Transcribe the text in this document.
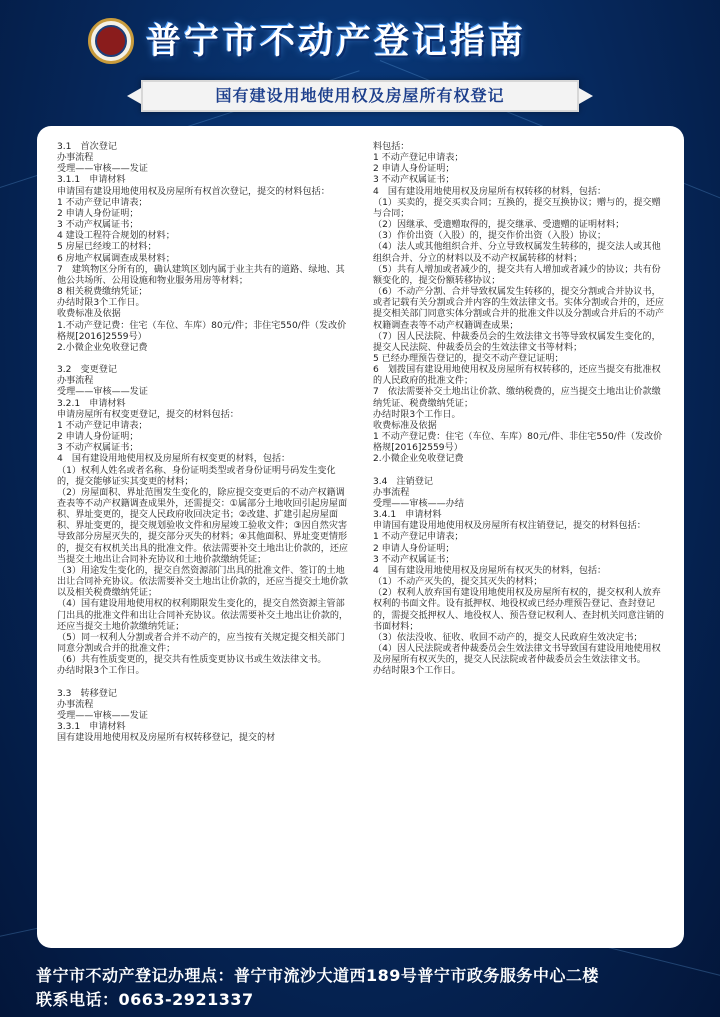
普宁市不动产登记指南
国有建设用地使用权及房屋所有权登记

3.1　首次登记

办事流程

受理——审核——发证

3.1.1　申请材料

申请国有建设用地使用权及房屋所有权首次登记，提交的材料包括：

1 不动产登记申请表；

2 申请人身份证明；

3 不动产权属证书；

4 建设工程符合规划的材料；

5 房屋已经竣工的材料；

6 房地产权属调查成果材料；

7　建筑物区分所有的，确认建筑区划内属于业主共有的道路、绿地、其他公共场所、公用设施和物业服务用房等材料；

8 相关税费缴纳凭证；

办结时限3个工作日。

收费标准及依据

1.不动产登记费：住宅（车位、车库）80元/件；非住宅550/件（发改价格规[2016]2559号）

2.小微企业免收登记费

3.2　变更登记

办事流程

受理——审核——发证

3.2.1　申请材料

申请房屋所有权变更登记，提交的材料包括：

1 不动产登记申请表；

2 申请人身份证明；

3 不动产权属证书；

4　国有建设用地使用权及房屋所有权变更的材料，包括：

（1）权利人姓名或者名称、身份证明类型或者身份证明号码发生变化的，提交能够证实其变更的材料；

（2）房屋面积、界址范围发生变化的，除应提交变更后的不动产权籍调查表等不动产权籍调查成果外，还需提交：①属部分土地收回引起房屋面积、界址变更的，提交人民政府收回决定书；②改建、扩建引起房屋面积、界址变更的，提交规划验收文件和房屋竣工验收文件；③因自然灾害导致部分房屋灭失的，提交部分灭失的材料；④其他面积、界址变更情形的，提交有权机关出具的批准文件。依法需要补交土地出让价款的，还应当提交土地出让合同补充协议和土地价款缴纳凭证；

（3）用途发生变化的，提交自然资源部门出具的批准文件、签订的土地出让合同补充协议。依法需要补交土地出让价款的，还应当提交土地价款以及相关税费缴纳凭证；

（4）国有建设用地使用权的权利期限发生变化的，提交自然资源主管部门出具的批准文件和出让合同补充协议。依法需要补交土地出让价款的，还应当提交土地价款缴纳凭证；

（5）同一权利人分割或者合并不动产的，应当按有关规定提交相关部门同意分割或合并的批准文件；

（6）共有性质变更的，提交共有性质变更协议书或生效法律文书。

办结时限3个工作日。

3.3　转移登记

办事流程

受理——审核——发证

3.3.1　申请材料

国有建设用地使用权及房屋所有权转移登记，提交的材

料包括：

1 不动产登记申请表；

2 申请人身份证明；

3 不动产权属证书；

4　国有建设用地使用权及房屋所有权转移的材料，包括：

（1）买卖的，提交买卖合同；互换的，提交互换协议；赠与的，提交赠与合同；

（2）因继承、受遗赠取得的，提交继承、受遗赠的证明材料；

（3）作价出资（入股）的，提交作价出资（入股）协议；

（4）法人或其他组织合并、分立导致权属发生转移的，提交法人或其他组织合并、分立的材料以及不动产权属转移的材料；

（5）共有人增加或者减少的，提交共有人增加或者减少的协议；共有份额变化的，提交份额转移协议；

（6）不动产分割、合并导致权属发生转移的，提交分割或合并协议书，或者记载有关分割或合并内容的生效法律文书。实体分割或合并的，还应提交相关部门同意实体分割或合并的批准文件以及分割或合并后的不动产权籍调查表等不动产权籍调查成果；

（7）因人民法院、仲裁委员会的生效法律文书等导致权属发生变化的，提交人民法院、仲裁委员会的生效法律文书等材料；

5 已经办理预告登记的，提交不动产登记证明；

6　划拨国有建设用地使用权及房屋所有权转移的，还应当提交有批准权的人民政府的批准文件；

7　依法需要补交土地出让价款、缴纳税费的，应当提交土地出让价款缴纳凭证、税费缴纳凭证；

办结时限3个工作日。

收费标准及依据

1 不动产登记费：住宅（车位、车库）80元/件、非住宅550/件（发改价格规[2016]2559号）

2.小微企业免收登记费

3.4　注销登记

办事流程

受理——审核——办结

3.4.1　申请材料

申请国有建设用地使用权及房屋所有权注销登记，提交的材料包括：

1 不动产登记申请表；

2 申请人身份证明；

3 不动产权属证书；

4　国有建设用地使用权及房屋所有权灭失的材料，包括：

（1）不动产灭失的，提交其灭失的材料；

（2）权利人放弃国有建设用地使用权及房屋所有权的，提交权利人放弃权利的书面文件。设有抵押权、地役权或已经办理预告登记、查封登记的，需提交抵押权人、地役权人、预告登记权利人、查封机关同意注销的书面材料；

（3）依法没收、征收、收回不动产的，提交人民政府生效决定书；

（4）因人民法院或者仲裁委员会生效法律文书导致国有建设用地使用权及房屋所有权灭失的，提交人民法院或者仲裁委员会生效法律文书。

办结时限3个工作日。

普宁市不动产登记办理点：普宁市流沙大道西189号普宁市政务服务中心二楼
联系电话：0663-2921337
